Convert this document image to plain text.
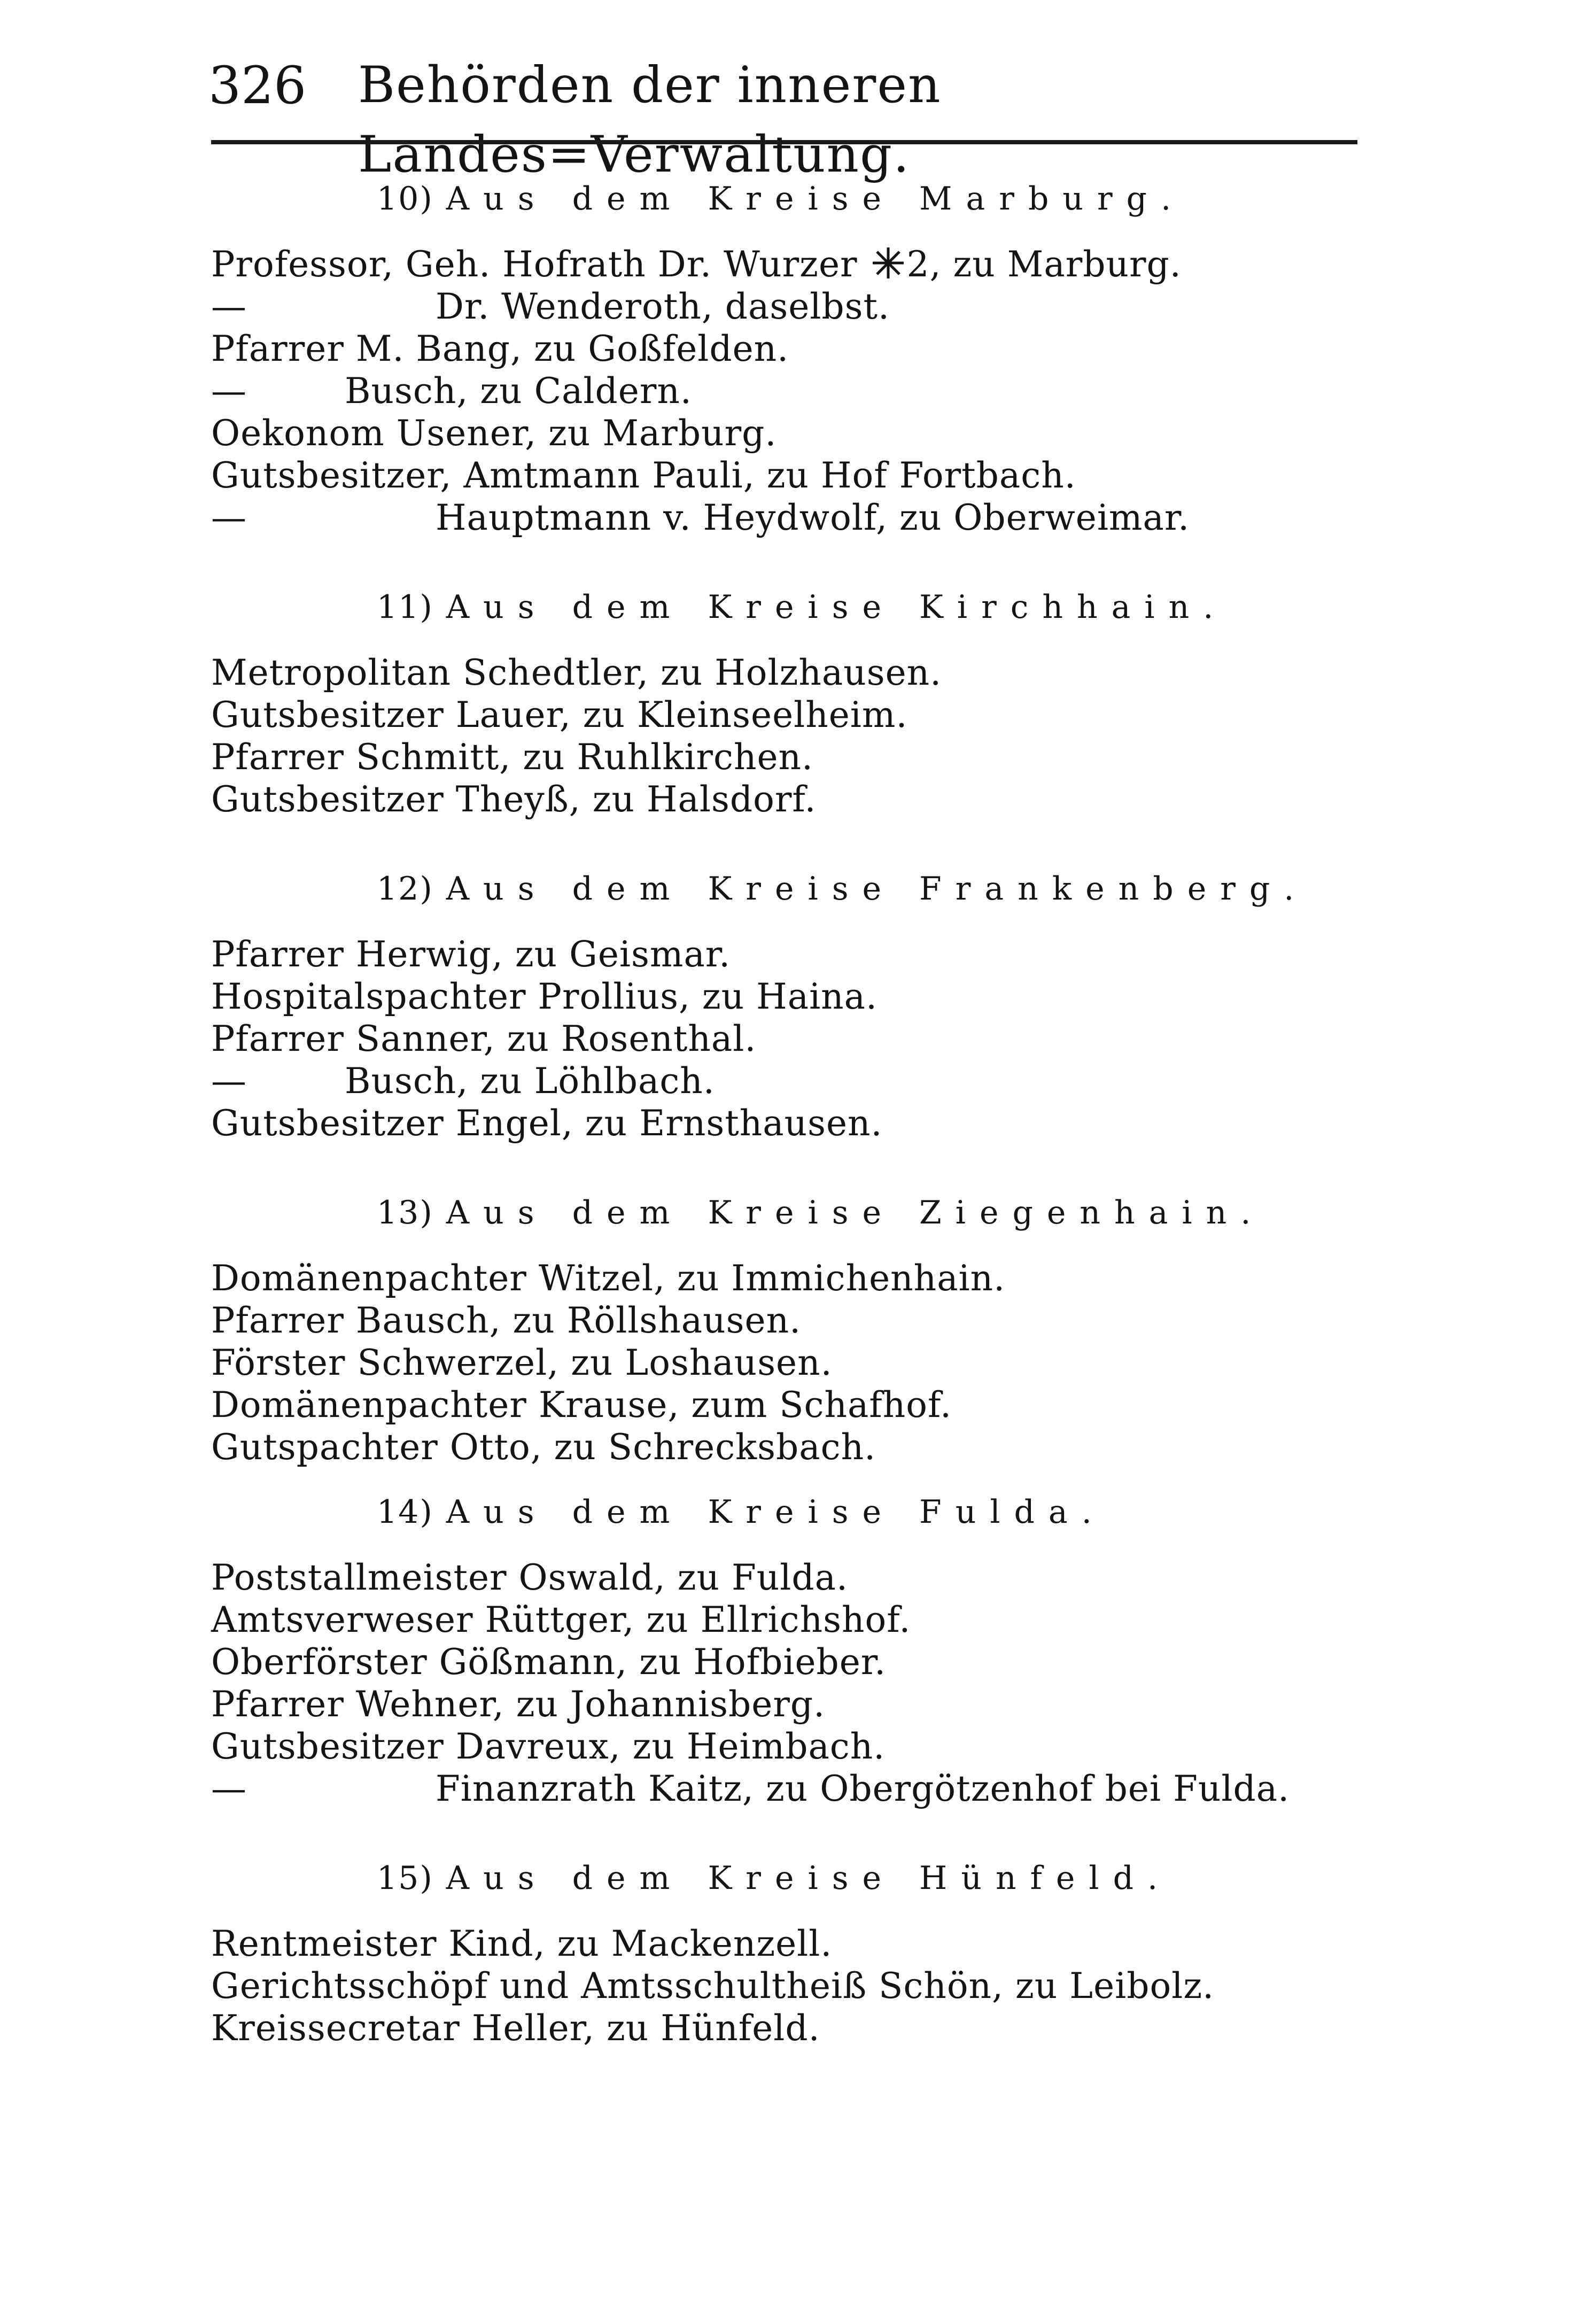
326 Behörden der inneren Landes=Verwaltung.

10) Aus dem Kreise Marburg.

Professor, Geh. Hofrath Dr. Wurzer 2, zu Marburg.

—	Dr. Wenderoth, daselbst.

Pfarrer M. Bang, zu Goßfelden.

—	Busch, zu Caldern.

Oekonom Usener, zu Marburg.

Gutsbesitzer, Amtmann Pauli, zu Hof Fortbach.

—	Hauptmann v. Heydwolf, zu Oberweimar.

11) Aus dem Kreise Kirchhain.

Metropolitan Schedtler, zu Holzhausen.

Gutsbesitzer Lauer, zu Kleinseelheim.

Pfarrer Schmitt, zu Ruhlkirchen.

Gutsbesitzer Theyß, zu Halsdorf.

12) Aus dem Kreise Frankenberg.

Pfarrer Herwig, zu Geismar.

Hospitalspachter Prollius, zu Haina.

Pfarrer Sanner, zu Rosenthal.

—	Busch, zu Löhlbach.

Gutsbesitzer Engel, zu Ernsthausen.

13) Aus dem Kreise Ziegenhain.

Domänenpachter Witzel, zu Immichenhain.

Pfarrer Bausch, zu Röllshausen.

Förster Schwerzel, zu Loshausen.

Domänenpachter Krause, zum Schafhof.

Gutspachter Otto, zu Schrecksbach.

14) Aus dem Kreise Fulda.

Poststallmeister Oswald, zu Fulda.

Amtsverweser Rüttger, zu Ellrichshof.

Oberförster Gößmann, zu Hofbieber.

Pfarrer Wehner, zu Johannisberg.

Gutsbesitzer Davreux, zu Heimbach.

—	Finanzrath Kaitz, zu Obergötzenhof bei Fulda.

15) Aus dem Kreise Hünfeld.

Rentmeister Kind, zu Mackenzell.

Gerichtsschöpf und Amtsschultheiß Schön, zu Leibolz.

Kreissecretar Heller, zu Hünfeld.
